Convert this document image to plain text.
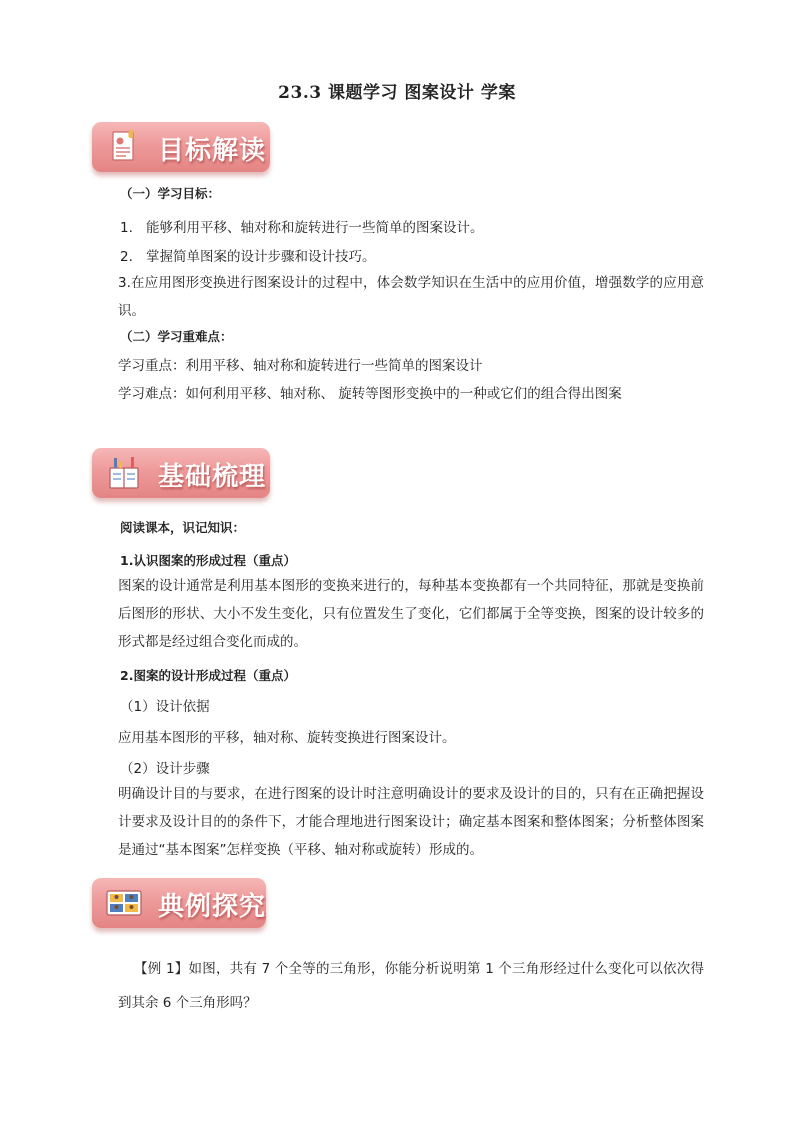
23.3 课题学习 图案设计 学案
目标解读
（一）学习目标：
1. 能够利用平移、轴对称和旋转进行一些简单的图案设计。
2. 掌握简单图案的设计步骤和设计技巧。
3.在应用图形变换进行图案设计的过程中，体会数学知识在生活中的应用价值，增强数学的应用意识。
（二）学习重难点：
学习重点：利用平移、轴对称和旋转进行一些简单的图案设计
学习难点：如何利用平移、轴对称、 旋转等图形变换中的一种或它们的组合得出图案
基础梳理
阅读课本，识记知识：
1.认识图案的形成过程（重点）
图案的设计通常是利用基本图形的变换来进行的，每种基本变换都有一个共同特征，那就是变换前后图形的形状、大小不发生变化，只有位置发生了变化，它们都属于全等变换，图案的设计较多的形式都是经过组合变化而成的。
2.图案的设计形成过程（重点）
（1）设计依据
应用基本图形的平移，轴对称、旋转变换进行图案设计。
（2）设计步骤
明确设计目的与要求，在进行图案的设计时注意明确设计的要求及设计的目的，只有在正确把握设计要求及设计目的的条件下，才能合理地进行图案设计；确定基本图案和整体图案；分析整体图案是通过“基本图案”怎样变换（平移、轴对称或旋转）形成的。
典例探究
【例 1】如图，共有 7 个全等的三角形，你能分析说明第 1 个三角形经过什么变化可以依次得到其余 6 个三角形吗？
